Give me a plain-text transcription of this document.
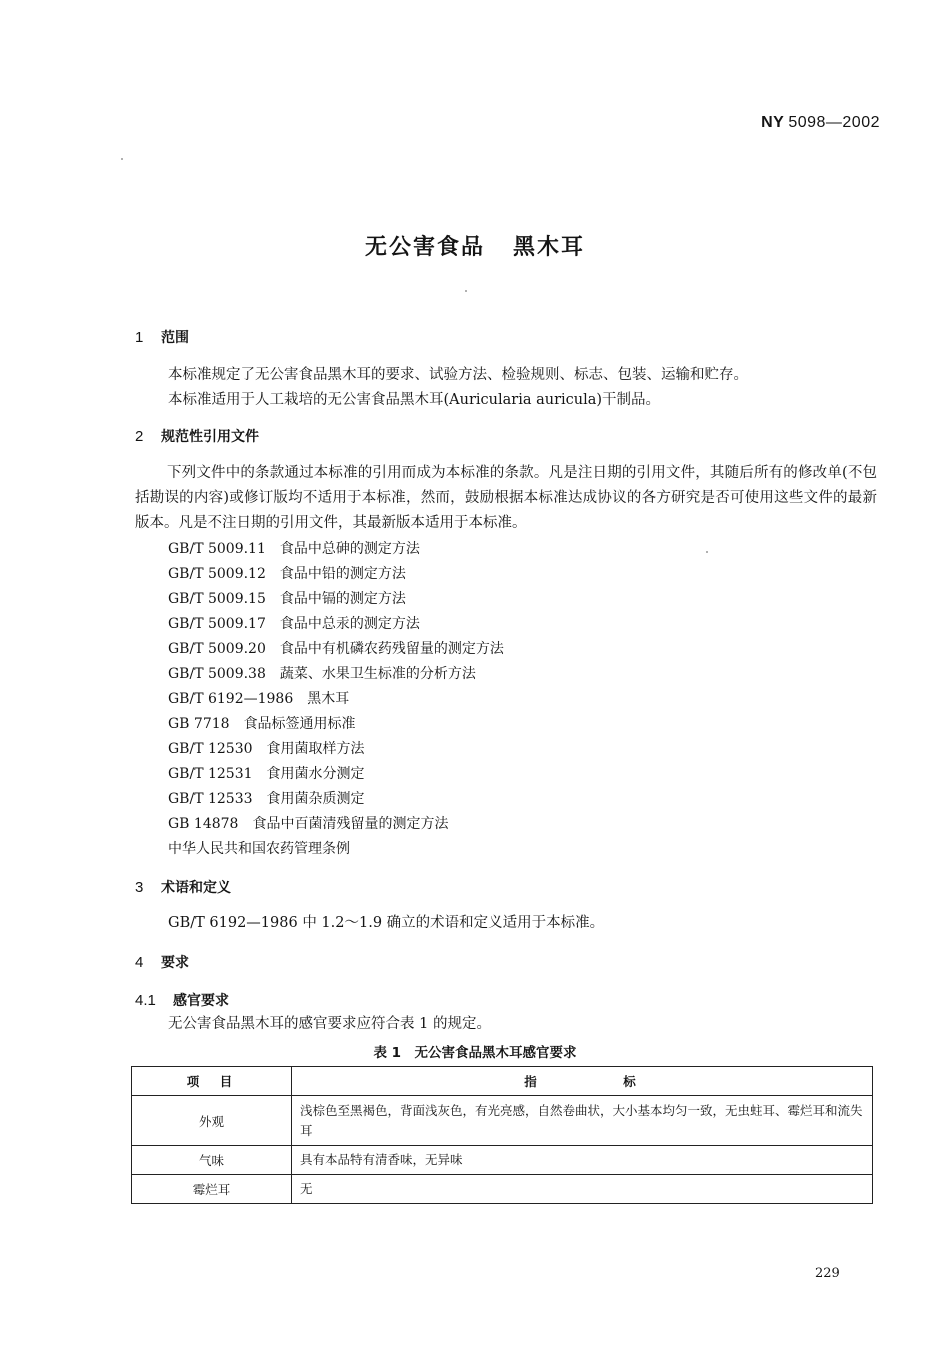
NY 5098—2002
无公害食品 黑木耳
1 范围
本标准规定了无公害食品黑木耳的要求、试验方法、检验规则、标志、包装、运输和贮存。
本标准适用于人工栽培的无公害食品黑木耳(Auricularia auricula)干制品。
2 规范性引用文件
下列文件中的条款通过本标准的引用而成为本标准的条款。凡是注日期的引用文件，其随后所有的修改单(不包括勘误的内容)或修订版均不适用于本标准，然而，鼓励根据本标准达成协议的各方研究是否可使用这些文件的最新版本。凡是不注日期的引用文件，其最新版本适用于本标准。
GB/T 5009.11 食品中总砷的测定方法
GB/T 5009.12 食品中铅的测定方法
GB/T 5009.15 食品中镉的测定方法
GB/T 5009.17 食品中总汞的测定方法
GB/T 5009.20 食品中有机磷农药残留量的测定方法
GB/T 5009.38 蔬菜、水果卫生标准的分析方法
GB/T 6192—1986 黑木耳
GB 7718 食品标签通用标准
GB/T 12530 食用菌取样方法
GB/T 12531 食用菌水分测定
GB/T 12533 食用菌杂质测定
GB 14878 食品中百菌清残留量的测定方法
中华人民共和国农药管理条例
3 术语和定义
GB/T 6192—1986 中 1.2～1.9 确立的术语和定义适用于本标准。
4 要求
4.1 感官要求
无公害食品黑木耳的感官要求应符合表 1 的规定。
表 1　无公害食品黑木耳感官要求
项　目	指　　　　　标
外观	浅棕色至黑褐色，背面浅灰色，有光亮感，自然卷曲状，大小基本均匀一致，无虫蛀耳、霉烂耳和流失耳
气味	具有本品特有清香味，无异味
霉烂耳	无
229
